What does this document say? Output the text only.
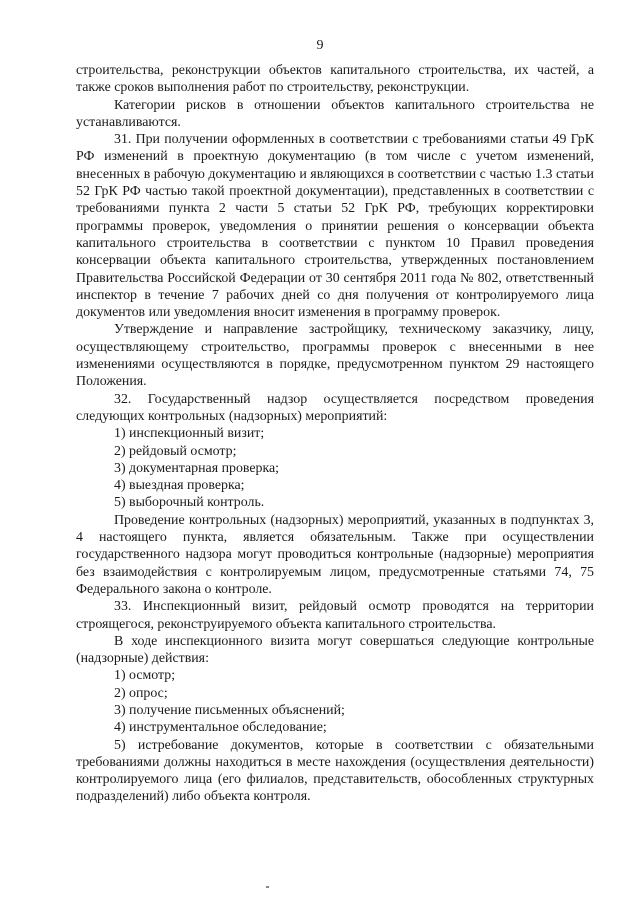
9

строительства, реконструкции объектов капитального строительства, их частей, а также сроков выполнения работ по строительству, реконструкции.

Категории рисков в отношении объектов капитального строительства не устанавливаются.

31. При получении оформленных в соответствии с требованиями статьи 49 ГрК РФ изменений в проектную документацию (в том числе с учетом изменений, внесенных в рабочую документацию и являющихся в соответствии с частью 1.3 статьи 52 ГрК РФ частью такой проектной документации), представленных в соответствии с требованиями пункта 2 части 5 статьи 52 ГрК РФ, требующих корректировки программы проверок, уведомления о принятии решения о консервации объекта капитального строительства в соответствии с пунктом 10 Правил проведения консервации объекта капитального строительства, утвержденных постановлением Правительства Российской Федерации от 30 сентября 2011 года № 802, ответственный инспектор в течение 7 рабочих дней со дня получения от контролируемого лица документов или уведомления вносит изменения в программу проверок.

Утверждение и направление застройщику, техническому заказчику, лицу, осуществляющему строительство, программы проверок с внесенными в нее изменениями осуществляются в порядке, предусмотренном пунктом 29 настоящего Положения.

32. Государственный надзор осуществляется посредством проведения следующих контрольных (надзорных) мероприятий:

1) инспекционный визит;

2) рейдовый осмотр;

3) документарная проверка;

4) выездная проверка;

5) выборочный контроль.

Проведение контрольных (надзорных) мероприятий, указанных в подпунктах 3, 4 настоящего пункта, является обязательным. Также при осуществлении государственного надзора могут проводиться контрольные (надзорные) мероприятия без взаимодействия с контролируемым лицом, предусмотренные статьями 74, 75 Федерального закона о контроле.

33. Инспекционный визит, рейдовый осмотр проводятся на территории строящегося, реконструируемого объекта капитального строительства.

В ходе инспекционного визита могут совершаться следующие контрольные (надзорные) действия:

1) осмотр;

2) опрос;

3) получение письменных объяснений;

4) инструментальное обследование;

5) истребование документов, которые в соответствии с обязательными требованиями должны находиться в месте нахождения (осуществления деятельности) контролируемого лица (его филиалов, представительств, обособленных структурных подразделений) либо объекта контроля.
